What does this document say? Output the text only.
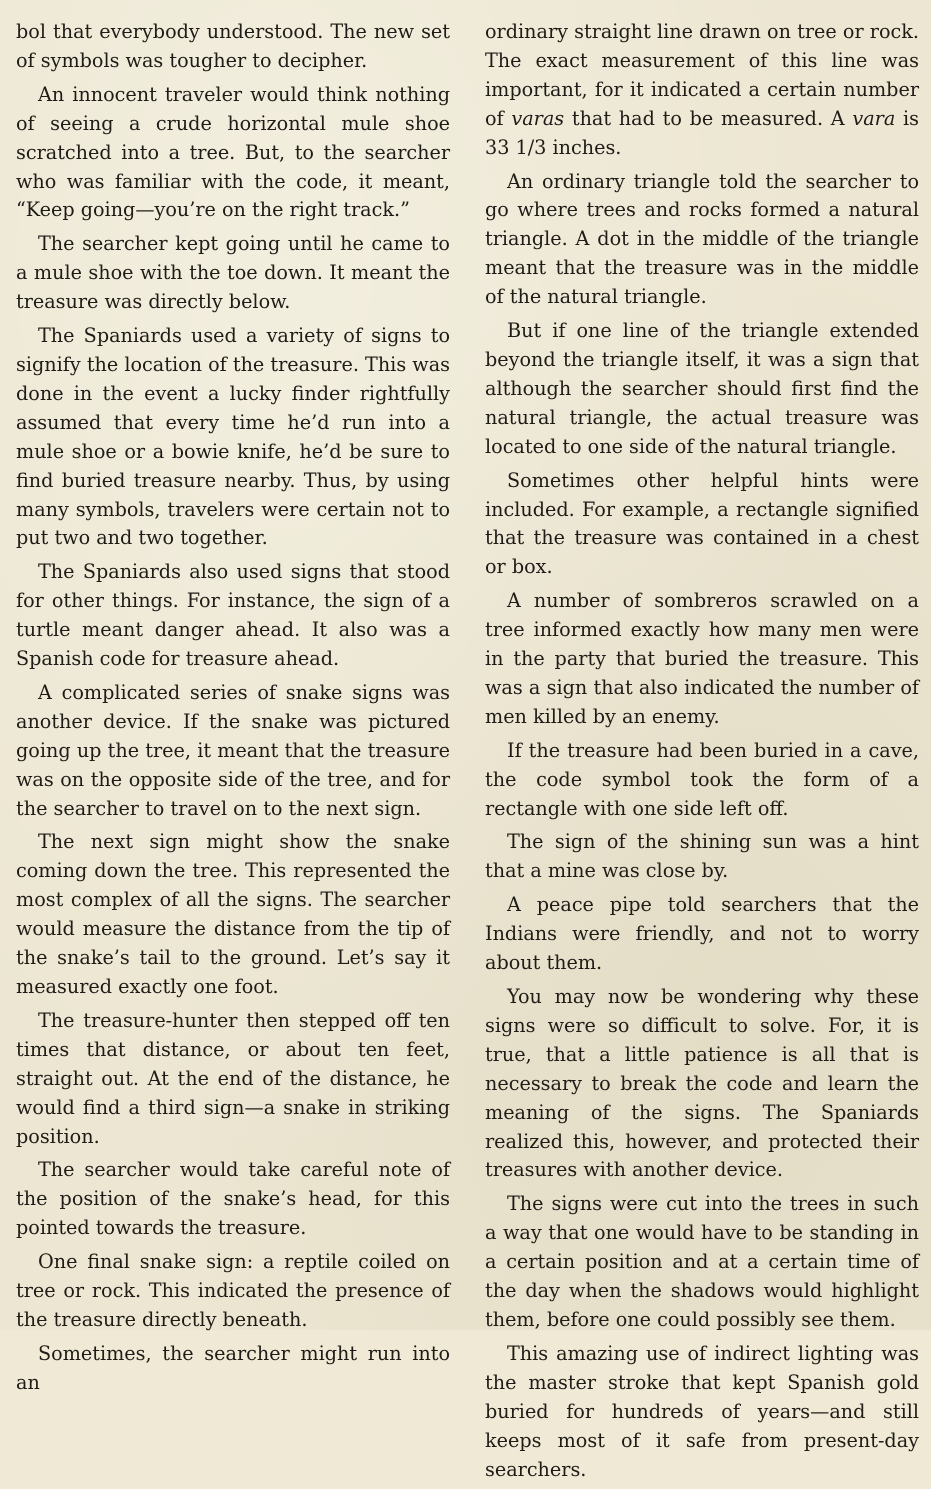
bol that everybody understood. The new set of symbols was tougher to decipher.

An innocent traveler would think nothing of seeing a crude horizontal mule shoe scratched into a tree. But, to the searcher who was familiar with the code, it meant, “Keep going—you’re on the right track.”

The searcher kept going until he came to a mule shoe with the toe down. It meant the treasure was directly below.

The Spaniards used a variety of signs to signify the location of the treasure. This was done in the event a lucky finder rightfully assumed that every time he’d run into a mule shoe or a bowie knife, he’d be sure to find buried treasure nearby. Thus, by using many symbols, travelers were certain not to put two and two together.

The Spaniards also used signs that stood for other things. For instance, the sign of a turtle meant danger ahead. It also was a Spanish code for treasure ahead.

A complicated series of snake signs was another device. If the snake was pictured going up the tree, it meant that the treasure was on the opposite side of the tree, and for the searcher to travel on to the next sign.

The next sign might show the snake coming down the tree. This represented the most complex of all the signs. The searcher would measure the distance from the tip of the snake’s tail to the ground. Let’s say it measured exactly one foot.

The treasure-hunter then stepped off ten times that distance, or about ten feet, straight out. At the end of the distance, he would find a third sign—a snake in striking position.

The searcher would take careful note of the position of the snake’s head, for this pointed towards the treasure.

One final snake sign: a reptile coiled on tree or rock. This indicated the presence of the treasure directly beneath.

Sometimes, the searcher might run into an

ordinary straight line drawn on tree or rock. The exact measurement of this line was important, for it indicated a certain number of varas that had to be measured. A vara is 33 1/3 inches.

An ordinary triangle told the searcher to go where trees and rocks formed a natural triangle. A dot in the middle of the triangle meant that the treasure was in the middle of the natural triangle.

But if one line of the triangle extended beyond the triangle itself, it was a sign that although the searcher should first find the natural triangle, the actual treasure was located to one side of the natural triangle.

Sometimes other helpful hints were included. For example, a rectangle signified that the treasure was contained in a chest or box.

A number of sombreros scrawled on a tree informed exactly how many men were in the party that buried the treasure. This was a sign that also indicated the number of men killed by an enemy.

If the treasure had been buried in a cave, the code symbol took the form of a rectangle with one side left off.

The sign of the shining sun was a hint that a mine was close by.

A peace pipe told searchers that the Indians were friendly, and not to worry about them.

You may now be wondering why these signs were so difficult to solve. For, it is true, that a little patience is all that is necessary to break the code and learn the meaning of the signs. The Spaniards realized this, however, and protected their treasures with another device.

The signs were cut into the trees in such a way that one would have to be standing in a certain position and at a certain time of the day when the shadows would highlight them, before one could possibly see them.

This amazing use of indirect lighting was the master stroke that kept Spanish gold buried for hundreds of years—and still keeps most of it safe from present-day searchers.
